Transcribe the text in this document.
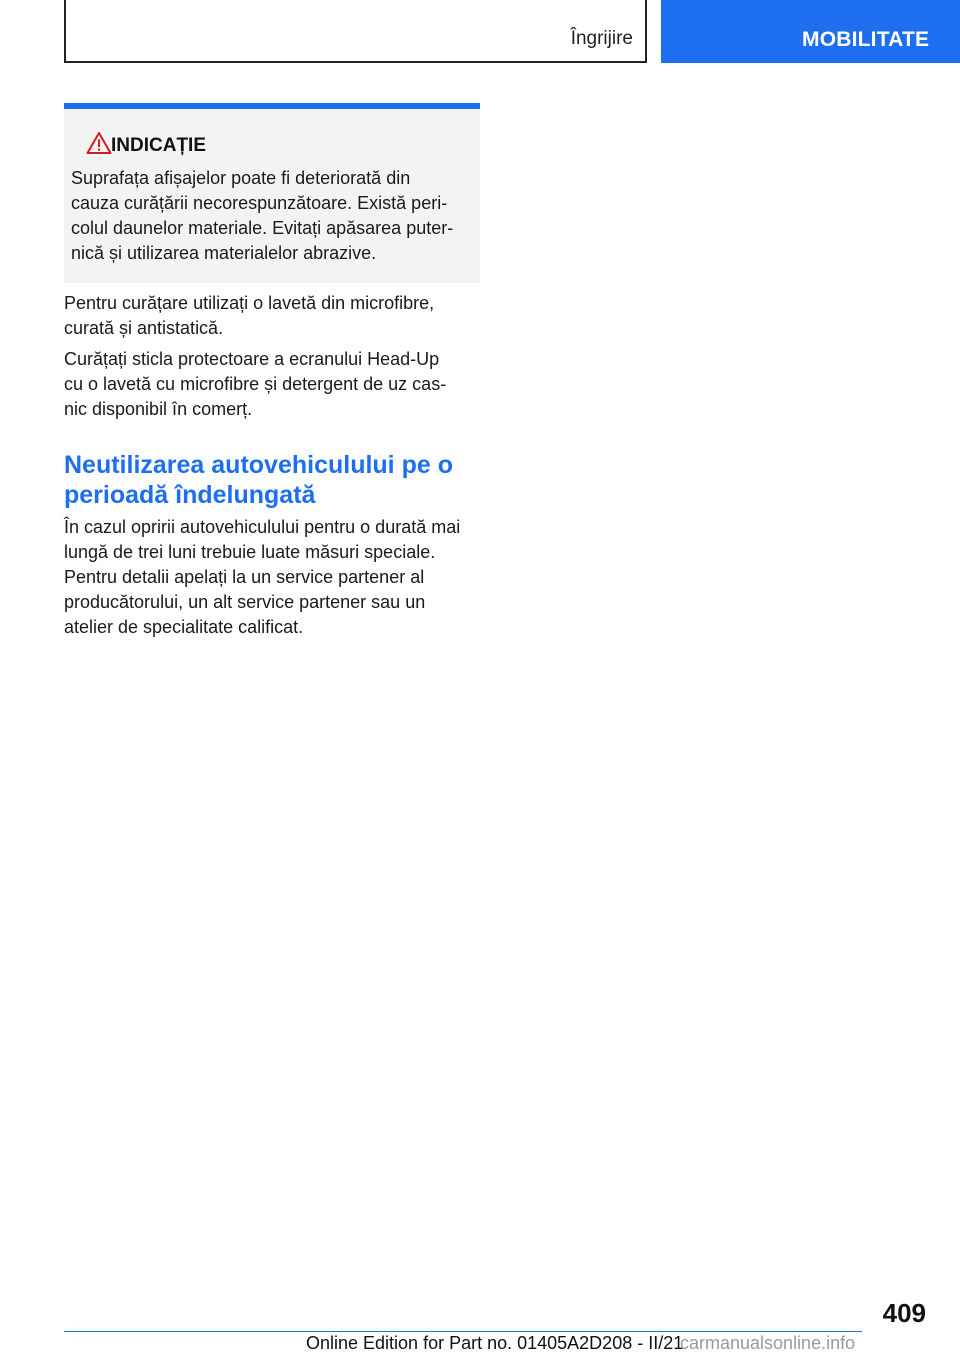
Îngrijire	MOBILITATE
INDICAȚIE
Suprafața afișajelor poate fi deteriorată din
cauza curățării necorespunzătoare. Există peri-
colul daunelor materiale. Evitați apăsarea puter-
nică și utilizarea materialelor abrazive.
Pentru curățare utilizați o lavetă din microfibre,
curată și antistatică.
Curățați sticla protectoare a ecranului Head-Up
cu o lavetă cu microfibre și detergent de uz cas-
nic disponibil în comerț.
Neutilizarea autovehiculului pe o
perioadă îndelungată
În cazul opririi autovehiculului pentru o durată mai
lungă de trei luni trebuie luate măsuri speciale.
Pentru detalii apelați la un service partener al
producătorului, un alt service partener sau un
atelier de specialitate calificat.
409
Online Edition for Part no. 01405A2D208 - II/21
carmanualsonline.info
